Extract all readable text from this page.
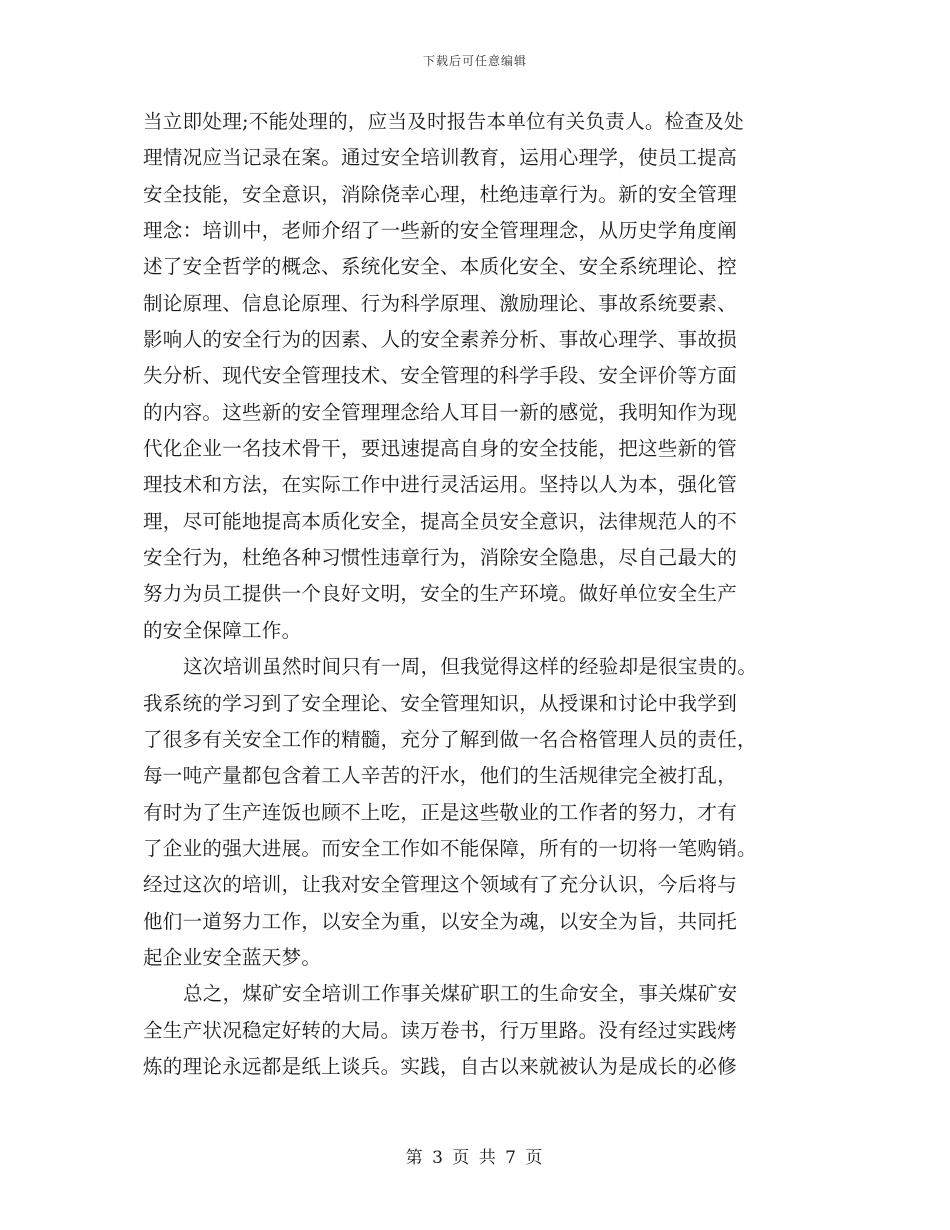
下载后可任意编辑
当立即处理;不能处理的，应当及时报告本单位有关负责人。检查及处
理情况应当记录在案。通过安全培训教育，运用心理学，使员工提高
安全技能，安全意识，消除侥幸心理，杜绝违章行为。新的安全管理
理念：培训中，老师介绍了一些新的安全管理理念，从历史学角度阐
述了安全哲学的概念、系统化安全、本质化安全、安全系统理论、控
制论原理、信息论原理、行为科学原理、激励理论、事故系统要素、
影响人的安全行为的因素、人的安全素养分析、事故心理学、事故损
失分析、现代安全管理技术、安全管理的科学手段、安全评价等方面
的内容。这些新的安全管理理念给人耳目一新的感觉，我明知作为现
代化企业一名技术骨干，要迅速提高自身的安全技能，把这些新的管
理技术和方法，在实际工作中进行灵活运用。坚持以人为本，强化管
理，尽可能地提高本质化安全，提高全员安全意识，法律规范人的不
安全行为，杜绝各种习惯性违章行为，消除安全隐患，尽自己最大的
努力为员工提供一个良好文明，安全的生产环境。做好单位安全生产
的安全保障工作。
这次培训虽然时间只有一周，但我觉得这样的经验却是很宝贵的。
我系统的学习到了安全理论、安全管理知识，从授课和讨论中我学到
了很多有关安全工作的精髓，充分了解到做一名合格管理人员的责任，
每一吨产量都包含着工人辛苦的汗水，他们的生活规律完全被打乱，
有时为了生产连饭也顾不上吃，正是这些敬业的工作者的努力，才有
了企业的强大进展。而安全工作如不能保障，所有的一切将一笔购销。
经过这次的培训，让我对安全管理这个领域有了充分认识，今后将与
他们一道努力工作，以安全为重，以安全为魂，以安全为旨，共同托
起企业安全蓝天梦。
总之，煤矿安全培训工作事关煤矿职工的生命安全，事关煤矿安
全生产状况稳定好转的大局。读万卷书，行万里路。没有经过实践烤
炼的理论永远都是纸上谈兵。实践，自古以来就被认为是成长的必修
第 3 页 共 7 页
